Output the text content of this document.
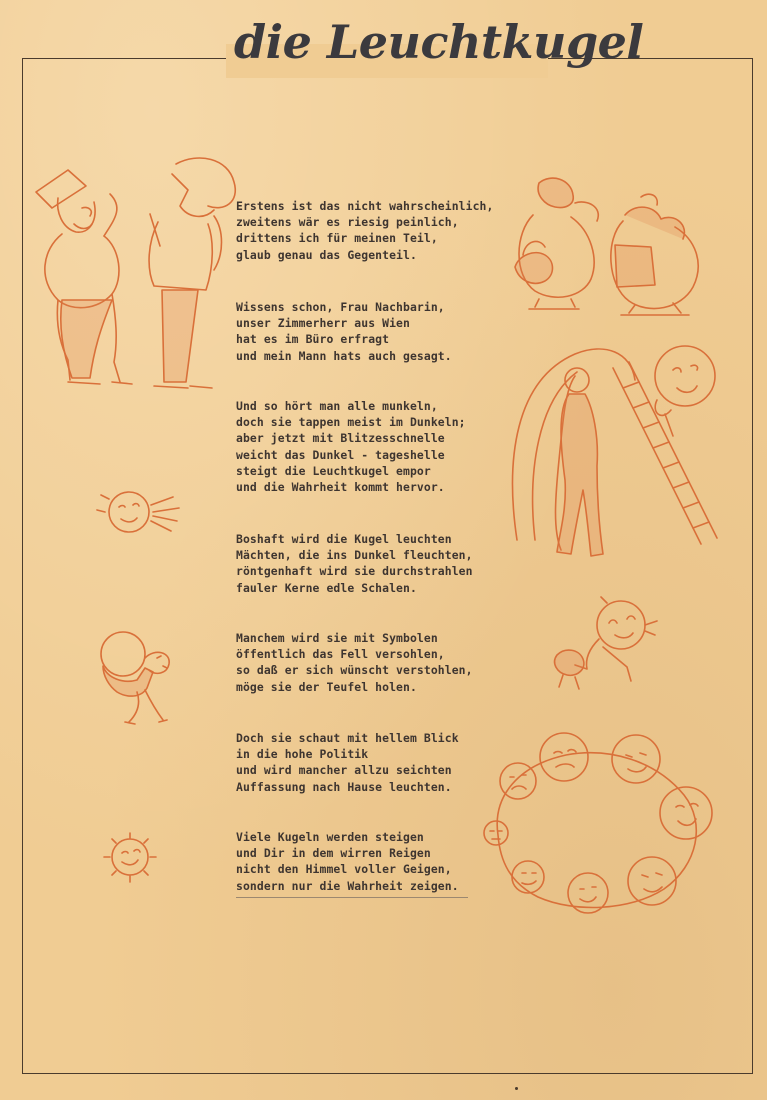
die Leuchtkugel
Erstens ist das nicht wahrscheinlich,
zweitens wär es riesig peinlich,
drittens ich für meinen Teil,
glaub genau das Gegenteil.
Wissens schon, Frau Nachbarin,
unser Zimmerherr aus Wien
hat es im Büro erfragt
und mein Mann hats auch gesagt.
Und so hört man alle munkeln,
doch sie tappen meist im Dunkeln;
aber jetzt mit Blitzesschnelle
weicht das Dunkel - tageshelle
steigt die Leuchtkugel empor
und die Wahrheit kommt hervor.
Boshaft wird die Kugel leuchten
Mächten, die ins Dunkel fleuchten,
röntgenhaft wird sie durchstrahlen
fauler Kerne edle Schalen.
Manchem wird sie mit Symbolen
öffentlich das Fell versohlen,
so daß er sich wünscht verstohlen,
möge sie der Teufel holen.
Doch sie schaut mit hellem Blick
in die hohe Politik
und wird mancher allzu seichten
Auffassung nach Hause leuchten.
Viele Kugeln werden steigen
und Dir in dem wirren Reigen
nicht den Himmel voller Geigen,
sondern nur die Wahrheit zeigen.
